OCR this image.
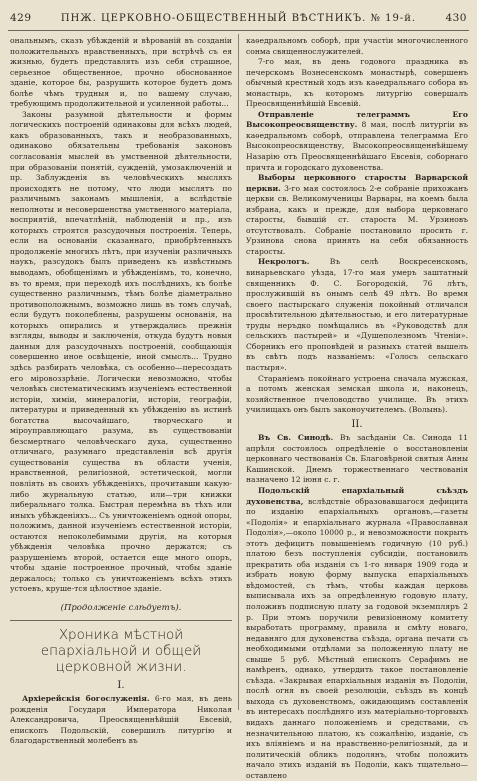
429	ПНЖ. ЦЕРКОВНО-ОБЩЕСТВЕННЫЙ ВѢСТНИКЪ. № 19-й.	430

ональнымъ, сказъ убѣжденій и вѣрованій въ созданіи положительныхъ нравственныхъ, при встрѣчѣ съ ея жизнью, будетъ представлять изъ себя страшное, серьезное общественное, прочно обоснованное зданіе, которое бы, разрушить которое будетъ домъ болѣе чѣмъ трудныя и, по вашему случаю, требующимъ продолжительной и усиленной работы...

Законы разумной дѣятельности и формы логическихъ построеній одинаковы для всѣхъ людей, какъ образованныхъ, такъ и необразованныхъ, одинаково обязательны требованія законовъ согласованія мыслей въ умственной дѣятельности, при образованіи понятій, сужденій, умозаключеній и пр. Заблужденія въ человѣческихъ мысляхъ происходятъ не потому, что люди мыслятъ по различнымъ законамъ мышленія, а вслѣдствіе неполноты и несовершенства умственного матеріала, восприятій, впечатлѣній, наблюденій и пр., изъ которыхъ строятся разсудочныя построенія. Теперь, если на основаніи сказаннаго, приобрѣтенныхъ продолженіе многихъ лѣтъ, при изученіи различныхъ наукъ, разсудокъ былъ приведенъ къ извѣстнымъ выводамъ, обобщеніямъ и убѣжденіямъ, то, конечно, въ то время, при переходѣ ихъ послѣднихъ, къ болѣе существенно различнымъ, тѣмъ болѣе діаметрально противоположнымъ, возможно лишь въ томъ случаѣ, если будутъ поколеблены, разрушены основанія, на которыхъ опирались и утверждались прежнія взгляды, выводы и заключенія, откуда будутъ новыя данныя для разсудочныхъ построеній, сообщающія совершенно иное освѣщеніе, иной смыслъ... Трудно здѣсь разбирать человѣка, съ особенно—пересоздать его міровоззрѣніе. Логически невозможно, чтобы человѣкъ систематическимъ изученіемъ естественной исторіи, химіи, минералогіи, исторіи, географіи, литературы и приведенный къ убѣжденію въ истинѣ богатства высочайшаго, творческаго и міроуправляющаго разума, въ существованіи безсмертнаго человѣческаго духа, существенно отличнаго, разумнаго представленія всѣ другія существованія существа въ области ученія, нравственной, религіозной, эстетической, могли повліять въ своихъ убѣжденіяхъ, прочитавши какую-либо журнальную статью, или—три книжки либеральнаго толка. Быстрая перемѣна въ тѣхъ или иныхъ убѣжденіяхъ... Съ уничтоженіемъ одной опоры, положимъ, данной изученіемъ естественной исторіи, остаются непоколебимыми другія, на которыя убѣжденія человѣка прочно держатся; съ разрушеніемъ второй, остается еще много опоръ, чтобы зданіе построенное прочный, чтобы зданіе держалось; только съ уничтоженіемъ всѣхъ этихъ устоевъ, круше-тся цѣлостное зданіе.

(Продолженіе слѣдуетъ).

Хроника мѣстной епархіальной и общей церковной жизни.

I.

Архіерейскія богослуженія. 6-го мая, въ день рожденія Государя Императора Николая Александровича, Преосвященнѣйшій Евсевій, епископъ Подольскій, совершилъ литургію и благодарственный молебенъ въ

каѳедральномъ соборѣ, при участіи многочисленного сонма священнослужителей.

7-го мая, въ день годового праздника въ печерскомъ Вознесенскомъ монастырѣ, совершенъ обычный крестный ходъ изъ каѳедральнаго собора въ монастырь, къ которомъ литургію совершалъ Преосвященнѣйшій Евсевій.

Отправленіе телеграммъ Его Высокопреосвященству. 8 мая, послѣ литургіи въ каѳедральномъ соборѣ, отправлена телеграмма Его Высокопреосвященству, Высокопреосвященнѣйшему Назарію отъ Преосвященнѣйшаго Евсевія, соборнаго причта и городскаго духовенства.

Выборы церковного старосты Варварской церкви. 3-го мая состоялось 2-е собраніе прихожанъ церкви св. Великомученицы Варвары, на коемъ была избрана, какъ и прежде, для выбора церковнаго старосты, бывшій ст. староста М. Урзиновъ отсутствовалъ. Собраніе постановило просить г. Урзинова снова принять на себя обязанность старосты.

Некрологъ.	Въ селѣ Воскресенскомъ, винарьевскаго уѣзда, 17-го мая умеръ заштатный священникъ Ф. С. Богородскій, 76 лѣтъ, прослужившій въ онымъ селѣ 49 лѣтъ. Во время своего пастырскаго служенія покойный отличался просвѣтительною дѣятельностью, и его литературные труды неръдко помѣщались въ «Руководствѣ для сельскихъ пастырей» и «Душеполезномъ Чтеніи». Сборникъ его проповѣдей и разныхъ статей вышелъ въ свѣтъ подъ названіемъ: «Голосъ сельскаго пастыря».

Стараніемъ покойнаго устроена сначала мужская, а потомъ женская земская школа и, наконецъ, хозяйственное пчеловодство училище. Въ этихъ училищахъ онъ былъ законоучителемъ. (Волынь).

II.

Въ Св. Синодѣ. Въ засѣданіи Св. Синода 11 апрѣля состоялось опредѣленіе о восстановленіи церковнаго чествованія Св. Благовѣрной святыя Анны Кашинской. Днемъ торжественнаго чествованія назначено 12 іюня с. г.

Подольскій епархіальный съѣздъ духовенства, вслѣдствіе образовавшагося дефицита по изданію епархіальныхъ органовъ,—газеты «Подолія» и епархіальнаго журнала «Православная Подолія»,—около 10000 р., и невозможности покрыть этотъ дефицитъ повышеніемъ годичную (10 руб.) платою безъ поступленія субсидіи, постановилъ прекратить оба изданія съ 1-го января 1909 года и избрать новую форму выпуска епархіальныхъ вѣдомостей, съ тѣмъ, чтобы каждая церковь выписывала ихъ за опредѣленную годовую плату, положивъ подписную плату за годовой экземпляръ 2 р. При этомъ поручили ревизіонному комитету выработать программу, правила и смѣту новаго, недавняго для духовенства съѣзда, органа печати съ необходимыми отдѣлами за положенную плату не свыше 5 руб. Мѣстный епископъ Серафимъ не намѣренъ, однако, утвердить такое постановленіе съѣзда. «Закрывая епархіальныя изданія въ Подоліи, послѣ огня въ своей резолюціи, съѣздъ въ концѣ выхода съ духовенствомъ, ожидающимъ составленія въ интересахъ послѣдняго изъ матеріально-торговыхъ видахъ даннаго положеніемъ и средствами, съ незначительною платою, къ сожалѣнію, изданіе, съ ихъ вліяніемъ и на нравственно-религіозный, да и политическій обликъ подолянъ, чтобы положить начало этихъ изданій въ Подоліи, какъ тщательно—оставлено
